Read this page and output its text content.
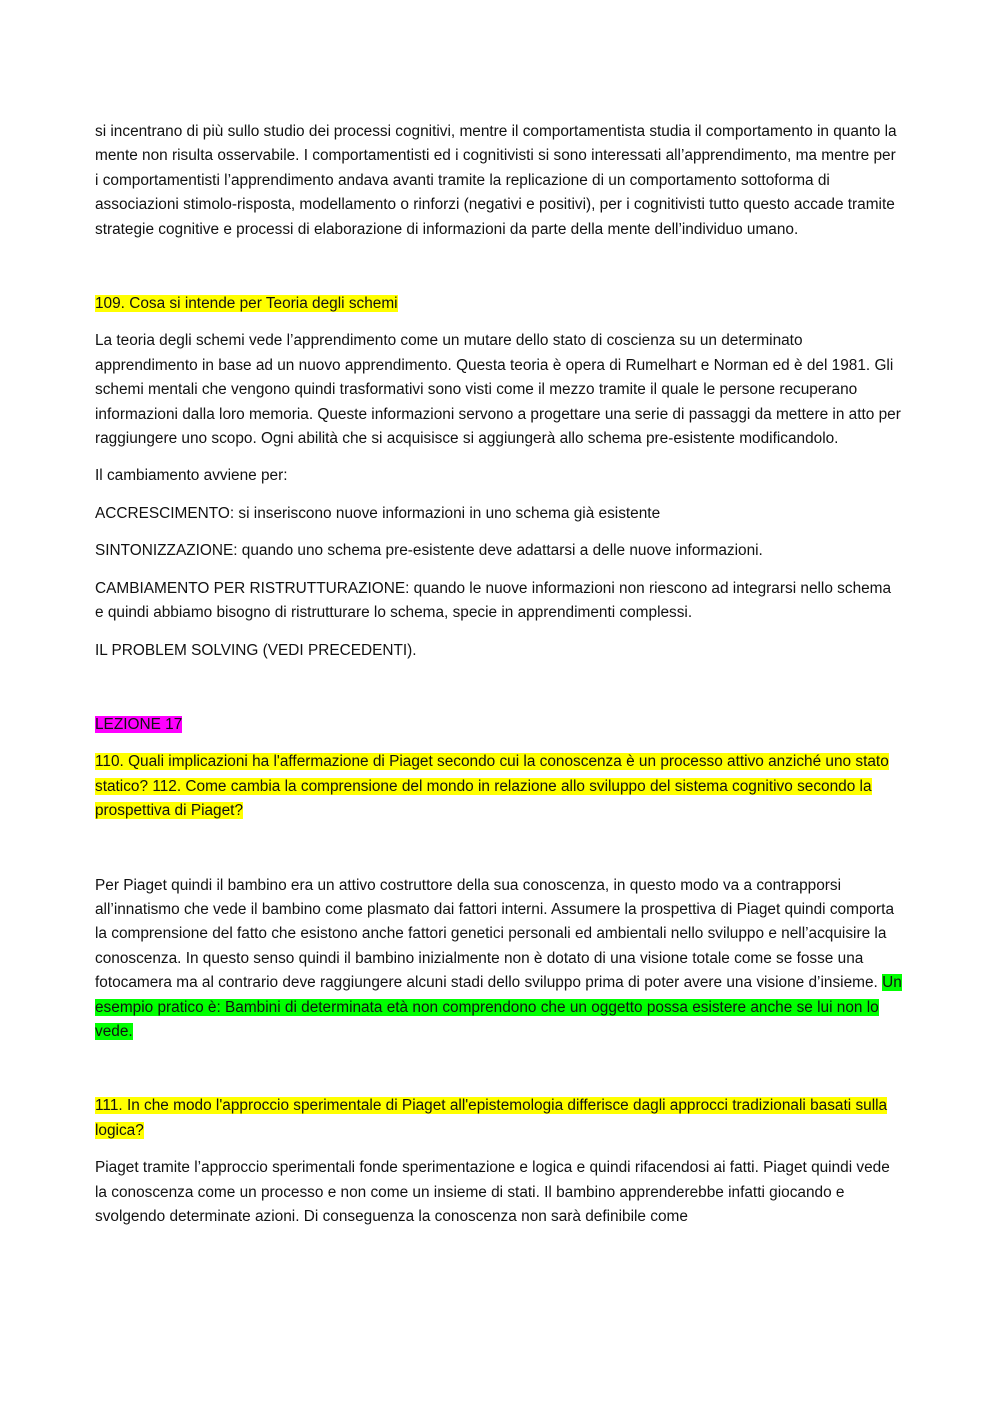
si incentrano di più sullo studio dei processi cognitivi, mentre il comportamentista studia il comportamento in quanto la mente non risulta osservabile. I comportamentisti ed i cognitivisti si sono interessati all’apprendimento, ma mentre per i comportamentisti l’apprendimento andava avanti tramite la replicazione di un comportamento sottoforma di associazioni stimolo-risposta, modellamento o rinforzi (negativi e positivi), per i cognitivisti tutto questo accade tramite strategie cognitive e processi di elaborazione di informazioni da parte della mente dell’individuo umano.

109. Cosa si intende per Teoria degli schemi

La teoria degli schemi vede l’apprendimento come un mutare dello stato di coscienza su un determinato apprendimento in base ad un nuovo apprendimento. Questa teoria è opera di Rumelhart e Norman ed è del 1981. Gli schemi mentali che vengono quindi trasformativi sono visti come il mezzo tramite il quale le persone recuperano informazioni dalla loro memoria. Queste informazioni servono a progettare una serie di passaggi da mettere in atto per raggiungere uno scopo. Ogni abilità che si acquisisce si aggiungerà allo schema pre-esistente modificandolo.

Il cambiamento avviene per:

ACCRESCIMENTO: si inseriscono nuove informazioni in uno schema già esistente

SINTONIZZAZIONE: quando uno schema pre-esistente deve adattarsi a delle nuove informazioni.

CAMBIAMENTO PER RISTRUTTURAZIONE: quando le nuove informazioni non riescono ad integrarsi nello schema e quindi abbiamo bisogno di ristrutturare lo schema, specie in apprendimenti complessi.

IL PROBLEM SOLVING (VEDI PRECEDENTI).

LEZIONE 17

110. Quali implicazioni ha l'affermazione di Piaget secondo cui la conoscenza è un processo attivo anziché uno stato statico? 112. Come cambia la comprensione del mondo in relazione allo sviluppo del sistema cognitivo secondo la prospettiva di Piaget?

Per Piaget quindi il bambino era un attivo costruttore della sua conoscenza, in questo modo va a contrapporsi all’innatismo che vede il bambino come plasmato dai fattori interni. Assumere la prospettiva di Piaget quindi comporta la comprensione del fatto che esistono anche fattori genetici personali ed ambientali nello sviluppo e nell’acquisire la conoscenza. In questo senso quindi il bambino inizialmente non è dotato di una visione totale come se fosse una fotocamera ma al contrario deve raggiungere alcuni stadi dello sviluppo prima di poter avere una visione d’insieme. Un esempio pratico è: Bambini di determinata età non comprendono che un oggetto possa esistere anche se lui non lo vede.

111. In che modo l'approccio sperimentale di Piaget all'epistemologia differisce dagli approcci tradizionali basati sulla logica?

Piaget tramite l’approccio sperimentali fonde sperimentazione e logica e quindi rifacendosi ai fatti. Piaget quindi vede la conoscenza come un processo e non come un insieme di stati. Il bambino apprenderebbe infatti giocando e svolgendo determinate azioni. Di conseguenza la conoscenza non sarà definibile come
